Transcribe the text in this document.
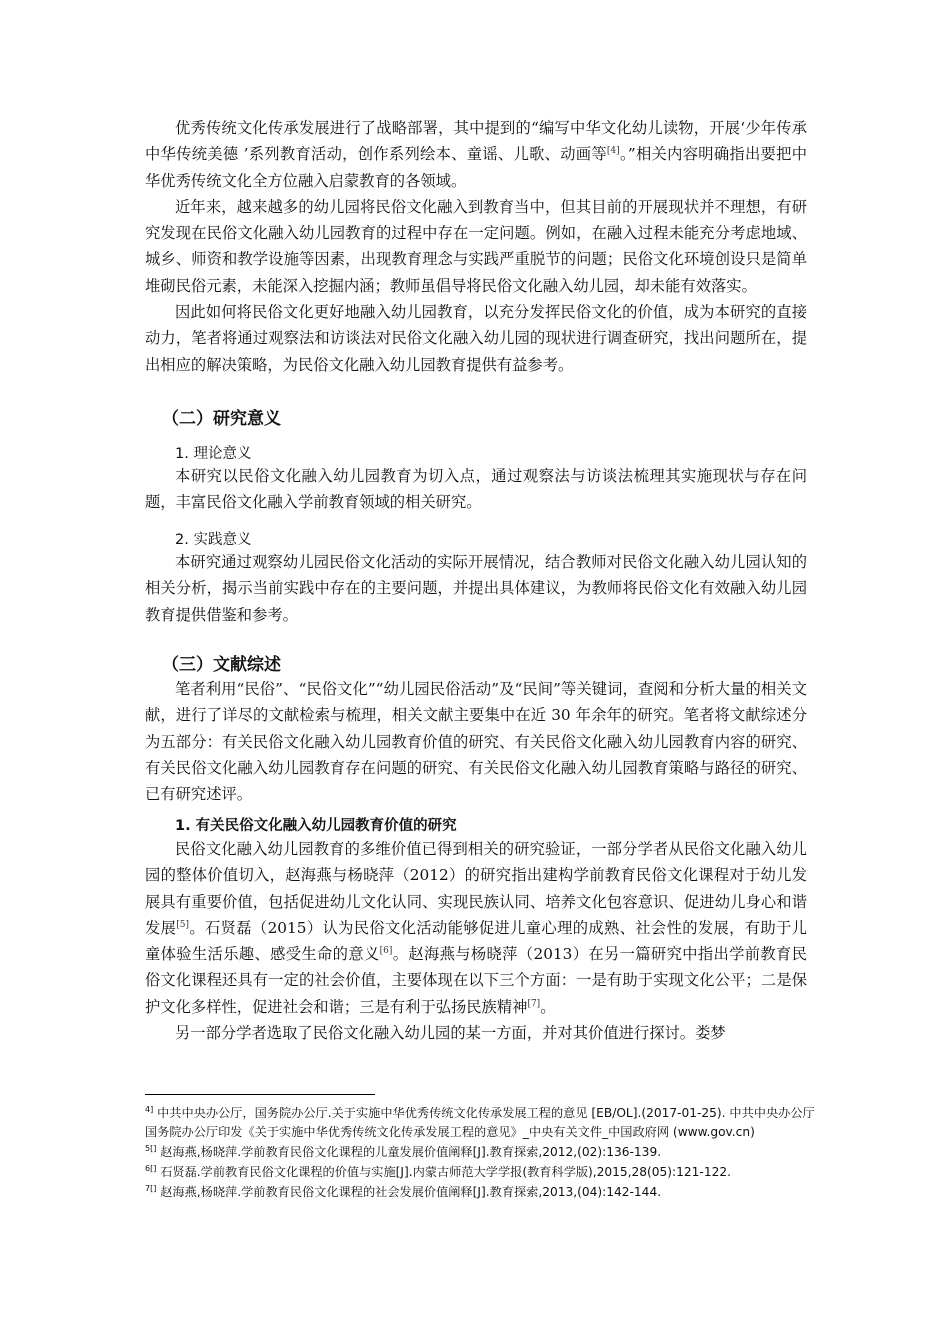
优秀传统文化传承发展进行了战略部署，其中提到的“编写中华文化幼儿读物，开展‘少年传承中华传统美德 ’系列教育活动，创作系列绘本、童谣、儿歌、动画等[4]。”相关内容明确指出要把中华优秀传统文化全方位融入启蒙教育的各领域。

近年来，越来越多的幼儿园将民俗文化融入到教育当中，但其目前的开展现状并不理想，有研究发现在民俗文化融入幼儿园教育的过程中存在一定问题。例如，在融入过程未能充分考虑地域、城乡、师资和教学设施等因素，出现教育理念与实践严重脱节的问题；民俗文化环境创设只是简单堆砌民俗元素，未能深入挖掘内涵；教师虽倡导将民俗文化融入幼儿园，却未能有效落实。

因此如何将民俗文化更好地融入幼儿园教育，以充分发挥民俗文化的价值，成为本研究的直接动力，笔者将通过观察法和访谈法对民俗文化融入幼儿园的现状进行调查研究，找出问题所在，提出相应的解决策略，为民俗文化融入幼儿园教育提供有益参考。

（二）研究意义
1. 理论意义

本研究以民俗文化融入幼儿园教育为切入点，通过观察法与访谈法梳理其实施现状与存在问题，丰富民俗文化融入学前教育领域的相关研究。

2. 实践意义

本研究通过观察幼儿园民俗文化活动的实际开展情况，结合教师对民俗文化融入幼儿园认知的相关分析，揭示当前实践中存在的主要问题，并提出具体建议，为教师将民俗文化有效融入幼儿园教育提供借鉴和参考。

（三）文献综述

笔者利用“民俗”、“民俗文化”“幼儿园民俗活动”及“民间”等关键词，查阅和分析大量的相关文献，进行了详尽的文献检索与梳理，相关文献主要集中在近 30 年余年的研究。笔者将文献综述分为五部分：有关民俗文化融入幼儿园教育价值的研究、有关民俗文化融入幼儿园教育内容的研究、有关民俗文化融入幼儿园教育存在问题的研究、有关民俗文化融入幼儿园教育策略与路径的研究、已有研究述评。

1. 有关民俗文化融入幼儿园教育价值的研究

民俗文化融入幼儿园教育的多维价值已得到相关的研究验证，一部分学者从民俗文化融入幼儿园的整体价值切入，赵海燕与杨晓萍（2012）的研究指出建构学前教育民俗文化课程对于幼儿发展具有重要价值，包括促进幼儿文化认同、实现民族认同、培养文化包容意识、促进幼儿身心和谐发展[5]。石贤磊（2015）认为民俗文化活动能够促进儿童心理的成熟、社会性的发展，有助于儿童体验生活乐趣、感受生命的意义[6]。赵海燕与杨晓萍（2013）在另一篇研究中指出学前教育民俗文化课程还具有一定的社会价值，主要体现在以下三个方面：一是有助于实现文化公平；二是保护文化多样性，促进社会和谐；三是有利于弘扬民族精神[7]。

另一部分学者选取了民俗文化融入幼儿园的某一方面，并对其价值进行探讨。娄梦

$^{4]}$ 中共中央办公厅，国务院办公厅.关于实施中华优秀传统文化传承发展工程的意见 [EB/OL].(2017-01-25). 中共中央办公厅 国务院办公厅印发《关于实施中华优秀传统文化传承发展工程的意见》_中央有关文件_中国政府网 (www.gov.cn)

$^{5[]}$ 赵海燕,杨晓萍.学前教育民俗文化课程的儿童发展价值阐释[J].教育探索,2012,(02):136-139.

$^{6[]}$ 石贤磊.学前教育民俗文化课程的价值与实施[J].内蒙古师范大学学报(教育科学版),2015,28(05):121-122.

$^{7[]}$ 赵海燕,杨晓萍.学前教育民俗文化课程的社会发展价值阐释[J].教育探索,2013,(04):142-144.
